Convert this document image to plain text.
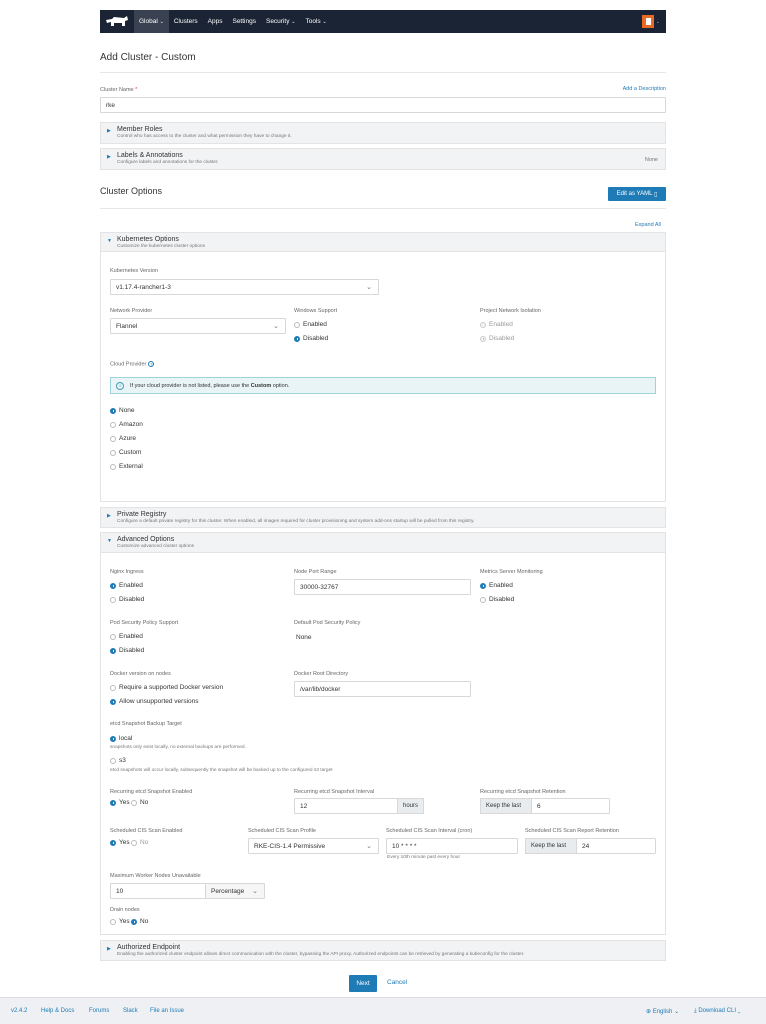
Global
⌄	Clusters	Apps	Settings	Security
⌄ Tools
⌄	⌄
Add Cluster - Custom
Cluster Name *	Add a Description
rke
▶ Member Roles
Control who has access to the cluster and what permission they have to change it.
▶ Labels & Annotations
Configure labels and annotations for the cluster.	None
Cluster Options	Edit as YAML
▯
Expand All
▼ Kubernetes Options
Customize the kubernetes cluster options
Kubernetes Version
v1.17.4-rancher1-3	⌄
Network Provider
Flannel	⌄
Windows Support
Enabled
Disabled
Project Network Isolation
Enabled
Disabled
Cloud Provider ?
i	If your cloud provider is not listed, please use the
Custom
option.
None
Amazon
Azure
Custom
External
▶ Private Registry
Configure a default private registry for this cluster. When enabled, all images required for cluster provisioning and system add-ons startup will be pulled from this registry.
▼ Advanced Options
Customize advanced cluster options
Nginx Ingress
Enabled
Disabled
Node Port Range
30000-32767
Metrics Server Monitoring
Enabled
Disabled
Pod Security Policy Support
Enabled
Disabled
Default Pod Security Policy
None
Docker version on nodes
Require a supported Docker version
Allow unsupported versions
Docker Root Directory
/var/lib/docker
etcd Snapshot Backup Target
local
snapshots only exist locally, no external backups are performed.
s3
etcd snapshots will occur locally, subsequently the snapshot will be backed up to the configured s3 target
Recurring etcd Snapshot Enabled
Yes No
Recurring etcd Snapshot Interval
12	hours
Recurring etcd Snapshot Retention
Keep the last	6
Scheduled CIS Scan Enabled
Yes No
Scheduled CIS Scan Profile
RKE-CIS-1.4 Permissive	⌄
Scheduled CIS Scan Interval (cron)
10 * * * *
Every 10th minute past every hour
Scheduled CIS Scan Report Retention
Keep the last	24
Maximum Worker Nodes Unavailable
10	Percentage ⌄
Drain nodes
Yes No
▶ Authorized Endpoint
Enabling the authorized cluster endpoint allows direct communication with the cluster, bypassing the API proxy. Authorized endpoints can be retrieved by generating a kubeconfig for the cluster.
Next	Cancel
v2.4.2 Help & Docs Forums Slack File an Issue	⊕ English ⌄ ⤓ Download CLI ⌄
